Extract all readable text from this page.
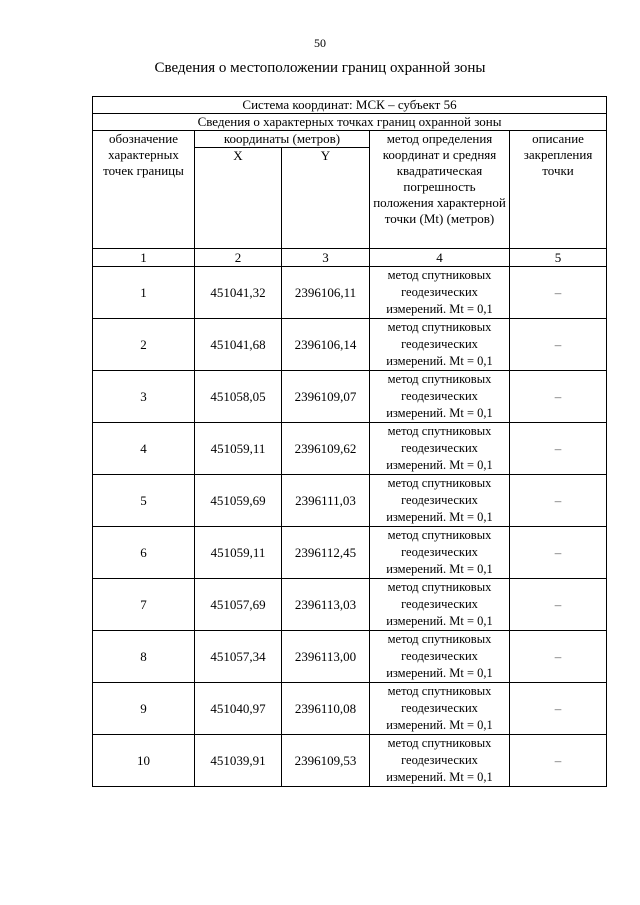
50
Сведения о местоположении границ охранной зоны
Система координат: МСК – субъект 56				
Сведения о характерных точках границ охранной зоны				
обозначение характерных точек границы	координаты (метров)		метод определения координат и средняя квадратическая погрешность положения характерной точки (Mt) (метров)	описание закрепления точки
	X	Y		
1	2	3	4	5
1	451041,32	2396106,11	метод спутниковых геодезических измерений. Mt = 0,1	–
2	451041,68	2396106,14	метод спутниковых геодезических измерений. Mt = 0,1	–
3	451058,05	2396109,07	метод спутниковых геодезических измерений. Mt = 0,1	–
4	451059,11	2396109,62	метод спутниковых геодезических измерений. Mt = 0,1	–
5	451059,69	2396111,03	метод спутниковых геодезических измерений. Mt = 0,1	–
6	451059,11	2396112,45	метод спутниковых геодезических измерений. Mt = 0,1	–
7	451057,69	2396113,03	метод спутниковых геодезических измерений. Mt = 0,1	–
8	451057,34	2396113,00	метод спутниковых геодезических измерений. Mt = 0,1	–
9	451040,97	2396110,08	метод спутниковых геодезических измерений. Mt = 0,1	–
10	451039,91	2396109,53	метод спутниковых геодезических измерений. Mt = 0,1	–
